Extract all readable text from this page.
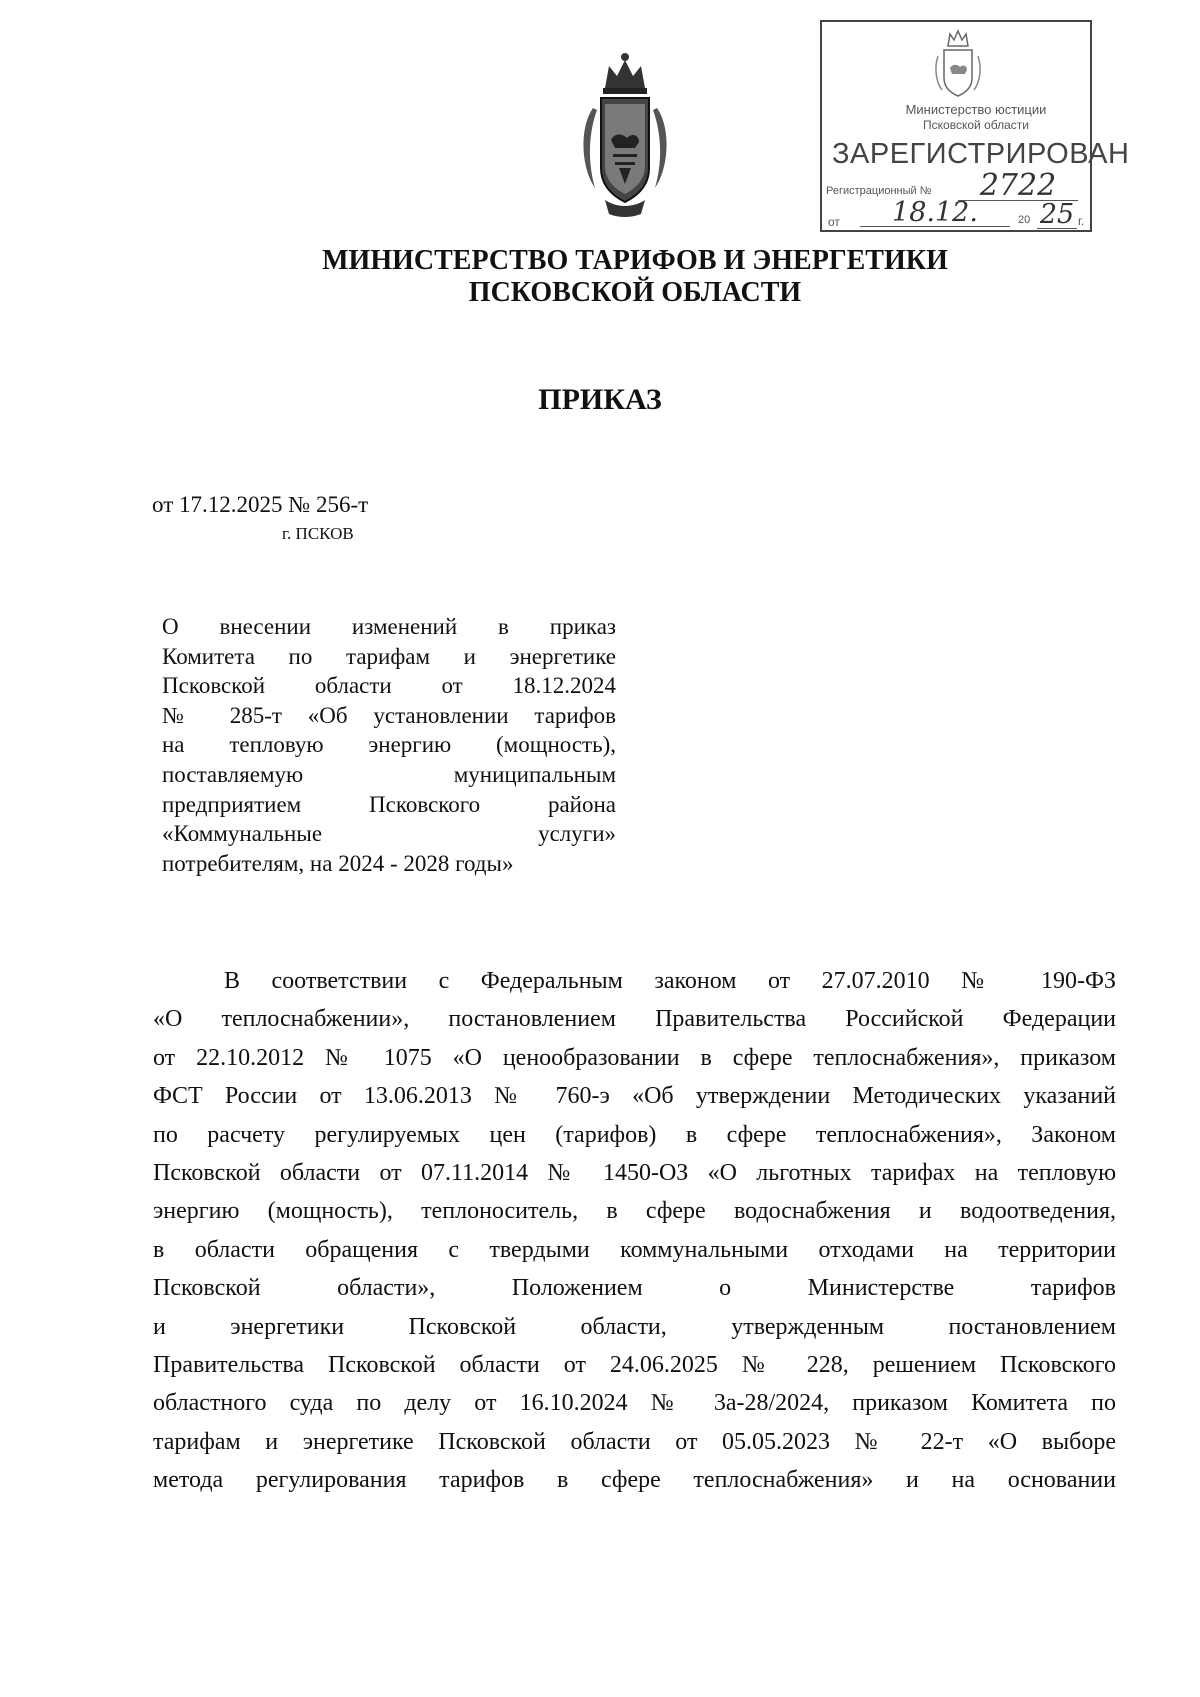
Министерство юстиции
Псковской области
ЗАРЕГИСТРИРОВАН
Регистрационный №	2722
от	18.12.	20 25 г.
МИНИСТЕРСТВО ТАРИФОВ И ЭНЕРГЕТИКИ
ПСКОВСКОЙ ОБЛАСТИ
ПРИКАЗ
от 17.12.2025 № 256-т
г. ПСКОВ
О внесении изменений в приказ
Комитета по тарифам и энергетике
Псковской области от 18.12.2024
№ 285-т «Об установлении тарифов
на тепловую энергию (мощность),
поставляемую муниципальным
предприятием Псковского района
«Коммунальные услуги»
потребителям, на 2024 - 2028 годы»
В соответствии с Федеральным законом от 27.07.2010 № 190-ФЗ
«О теплоснабжении», постановлением Правительства Российской Федерации
от 22.10.2012 № 1075 «О ценообразовании в сфере теплоснабжения», приказом
ФСТ России от 13.06.2013 № 760-э «Об утверждении Методических указаний
по расчету регулируемых цен (тарифов) в сфере теплоснабжения», Законом
Псковской области от 07.11.2014 № 1450-ОЗ «О льготных тарифах на тепловую
энергию (мощность), теплоноситель, в сфере водоснабжения и водоотведения,
в области обращения с твердыми коммунальными отходами на территории
Псковской области», Положением о Министерстве тарифов
и энергетики Псковской области, утвержденным постановлением
Правительства Псковской области от 24.06.2025 № 228, решением Псковского
областного суда по делу от 16.10.2024 № 3а-28/2024, приказом Комитета по
тарифам и энергетике Псковской области от 05.05.2023 № 22-т «О выборе
метода регулирования тарифов в сфере теплоснабжения» и на основании
